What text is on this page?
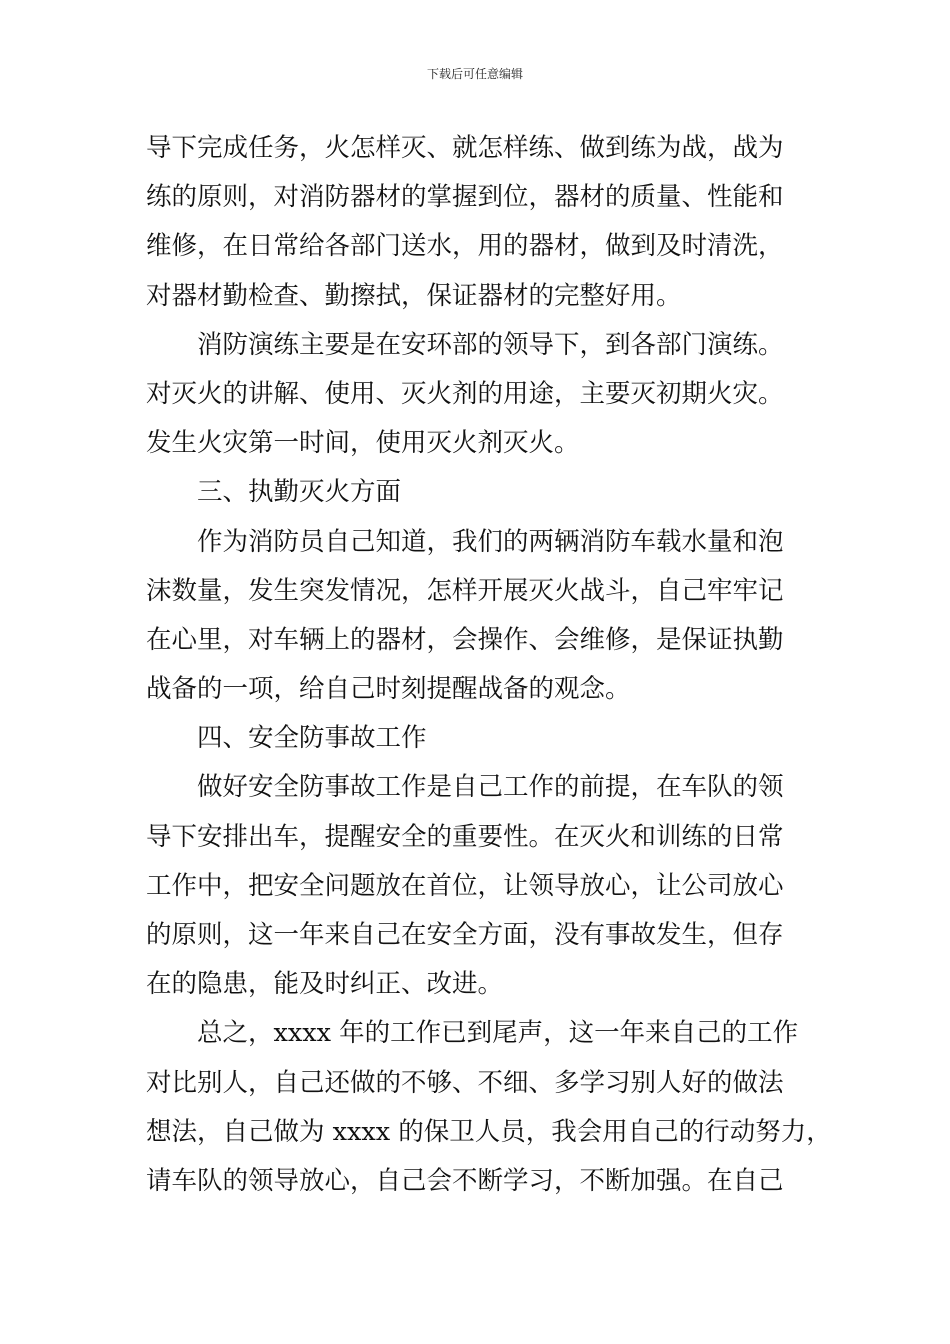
下载后可任意编辑
导下完成任务，火怎样灭、就怎样练、做到练为战，战为
练的原则，对消防器材的掌握到位，器材的质量、性能和
维修，在日常给各部门送水，用的器材，做到及时清洗，
对器材勤检查、勤擦拭，保证器材的完整好用。
消防演练主要是在安环部的领导下，到各部门演练。
对灭火的讲解、使用、灭火剂的用途，主要灭初期火灾。
发生火灾第一时间，使用灭火剂灭火。
三、执勤灭火方面
作为消防员自己知道，我们的两辆消防车载水量和泡
沫数量，发生突发情况，怎样开展灭火战斗，自己牢牢记
在心里，对车辆上的器材，会操作、会维修，是保证执勤
战备的一项，给自己时刻提醒战备的观念。
四、安全防事故工作
做好安全防事故工作是自己工作的前提，在车队的领
导下安排出车，提醒安全的重要性。在灭火和训练的日常
工作中，把安全问题放在首位，让领导放心，让公司放心
的原则，这一年来自己在安全方面，没有事故发生，但存
在的隐患，能及时纠正、改进。
总之，xxxx 年的工作已到尾声，这一年来自己的工作
对比别人，自己还做的不够、不细、多学习别人好的做法
想法，自己做为 xxxx 的保卫人员，我会用自己的行动努力，
请车队的领导放心，自己会不断学习，不断加强。在自己
